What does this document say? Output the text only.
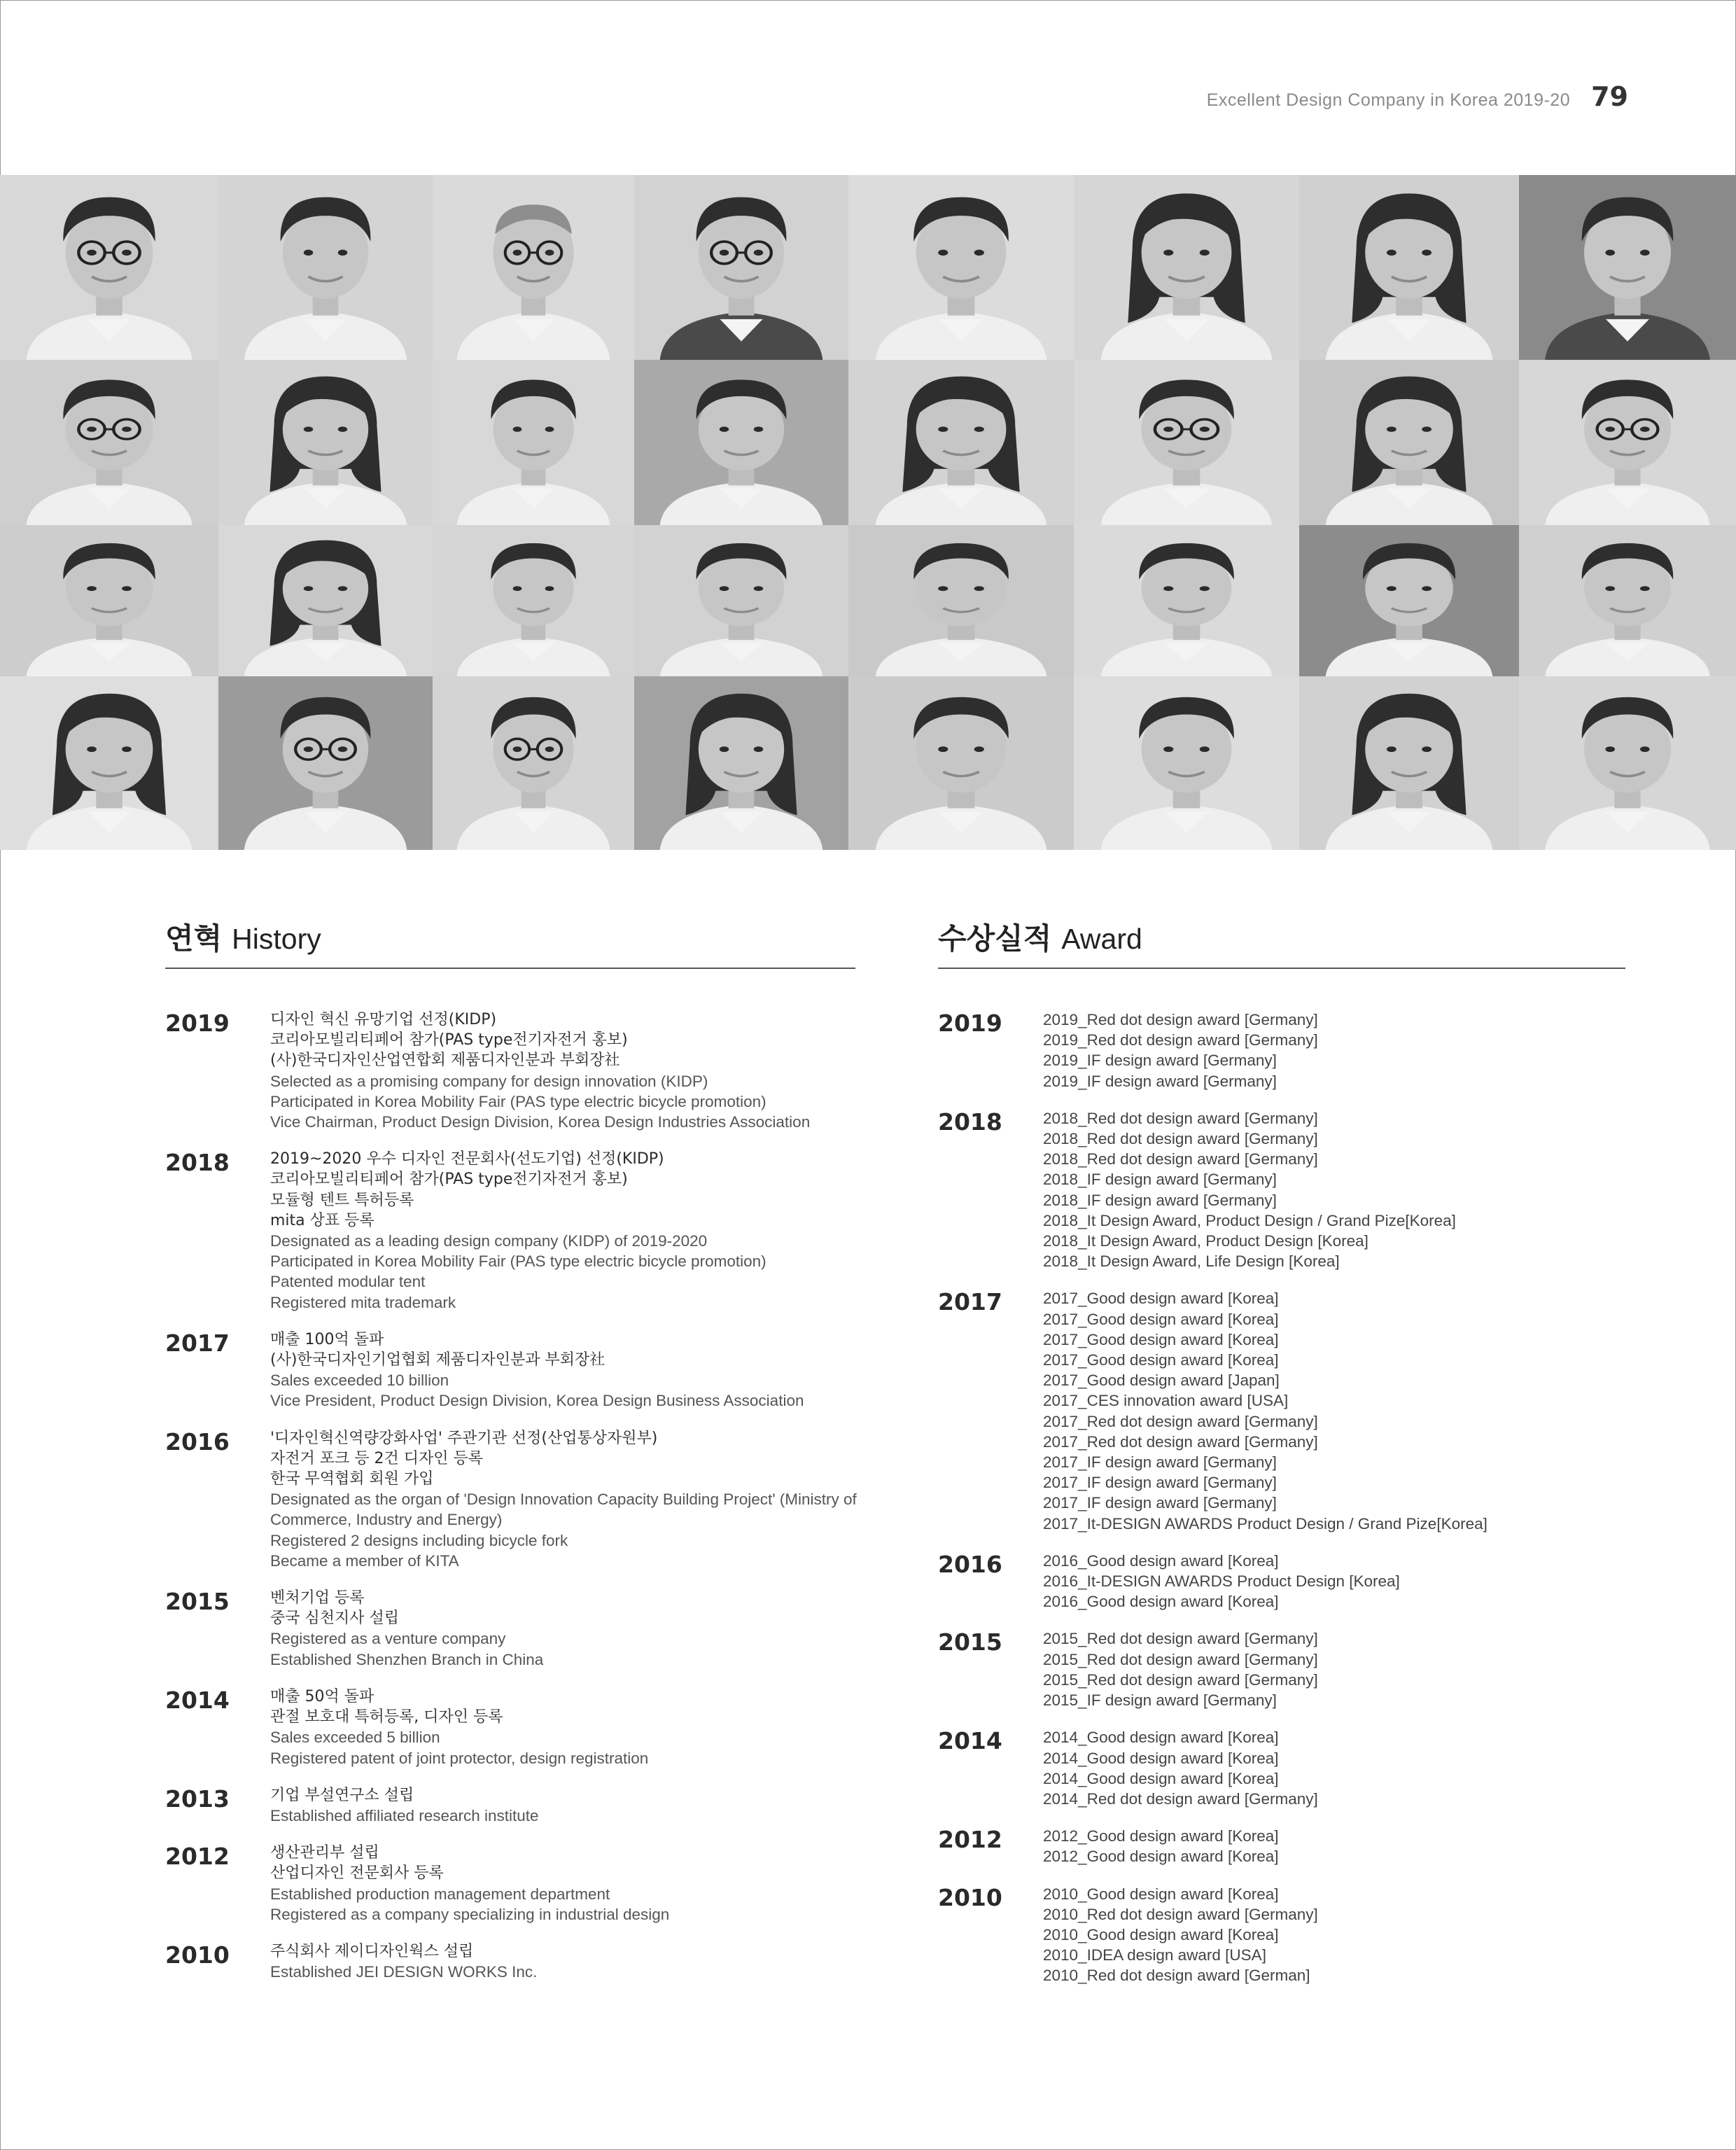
Excellent Design Company in Korea 2019-20 79
연혁 History	수상실적 Award
2019	디자인 혁신 유망기업 선정(KIDP)
코리아모빌리티페어 참가(PAS type전기자전거 홍보)
(사)한국디자인산업연합회 제품디자인분과 부회장社
Selected as a promising company for design innovation (KIDP)
Participated in Korea Mobility Fair (PAS type electric bicycle promotion)
Vice Chairman, Product Design Division, Korea Design Industries Association
2018	2019~2020 우수 디자인 전문회사(선도기업) 선정(KIDP)
코리아모빌리티페어 참가(PAS type전기자전거 홍보)
모듈형 텐트 특허등록
mita 상표 등록
Designated as a leading design company (KIDP) of 2019-2020
Participated in Korea Mobility Fair (PAS type electric bicycle promotion)
Patented modular tent
Registered mita trademark
2017	매출 100억 돌파
(사)한국디자인기업협회 제품디자인분과 부회장社
Sales exceeded 10 billion
Vice President, Product Design Division, Korea Design Business Association
2016	'디자인혁신역량강화사업' 주관기관 선정(산업통상자원부)
자전거 포크 등 2건 디자인 등록
한국 무역협회 회원 가입
Designated as the organ of 'Design Innovation Capacity Building Project' (Ministry of Commerce, Industry and Energy)
Registered 2 designs including bicycle fork
Became a member of KITA
2015	벤처기업 등록
중국 심천지사 설립
Registered as a venture company
Established Shenzhen Branch in China
2014	매출 50억 돌파
관절 보호대 특허등록, 디자인 등록
Sales exceeded 5 billion
Registered patent of joint protector, design registration
2013	기업 부설연구소 설립
Established affiliated research institute
2012	생산관리부 설립
산업디자인 전문회사 등록
Established production management department
Registered as a company specializing in industrial design
2010	주식회사 제이디자인웍스 설립
Established JEI DESIGN WORKS Inc.
2019	2019_Red dot design award [Germany]
2019_Red dot design award [Germany]
2019_IF design award [Germany]
2019_IF design award [Germany]
2018	2018_Red dot design award [Germany]
2018_Red dot design award [Germany]
2018_Red dot design award [Germany]
2018_IF design award [Germany]
2018_IF design award [Germany]
2018_It Design Award, Product Design / Grand Pize[Korea]
2018_It Design Award, Product Design [Korea]
2018_It Design Award, Life Design [Korea]
2017	2017_Good design award [Korea]
2017_Good design award [Korea]
2017_Good design award [Korea]
2017_Good design award [Korea]
2017_Good design award [Japan]
2017_CES innovation award [USA]
2017_Red dot design award [Germany]
2017_Red dot design award [Germany]
2017_IF design award [Germany]
2017_IF design award [Germany]
2017_IF design award [Germany]
2017_It-DESIGN AWARDS Product Design / Grand Pize[Korea]
2016	2016_Good design award [Korea]
2016_It-DESIGN AWARDS Product Design [Korea]
2016_Good design award [Korea]
2015	2015_Red dot design award [Germany]
2015_Red dot design award [Germany]
2015_Red dot design award [Germany]
2015_IF design award [Germany]
2014	2014_Good design award [Korea]
2014_Good design award [Korea]
2014_Good design award [Korea]
2014_Red dot design award [Germany]
2012	2012_Good design award [Korea]
2012_Good design award [Korea]
2010	2010_Good design award [Korea]
2010_Red dot design award [Germany]
2010_Good design award [Korea]
2010_IDEA design award [USA]
2010_Red dot design award [German]
